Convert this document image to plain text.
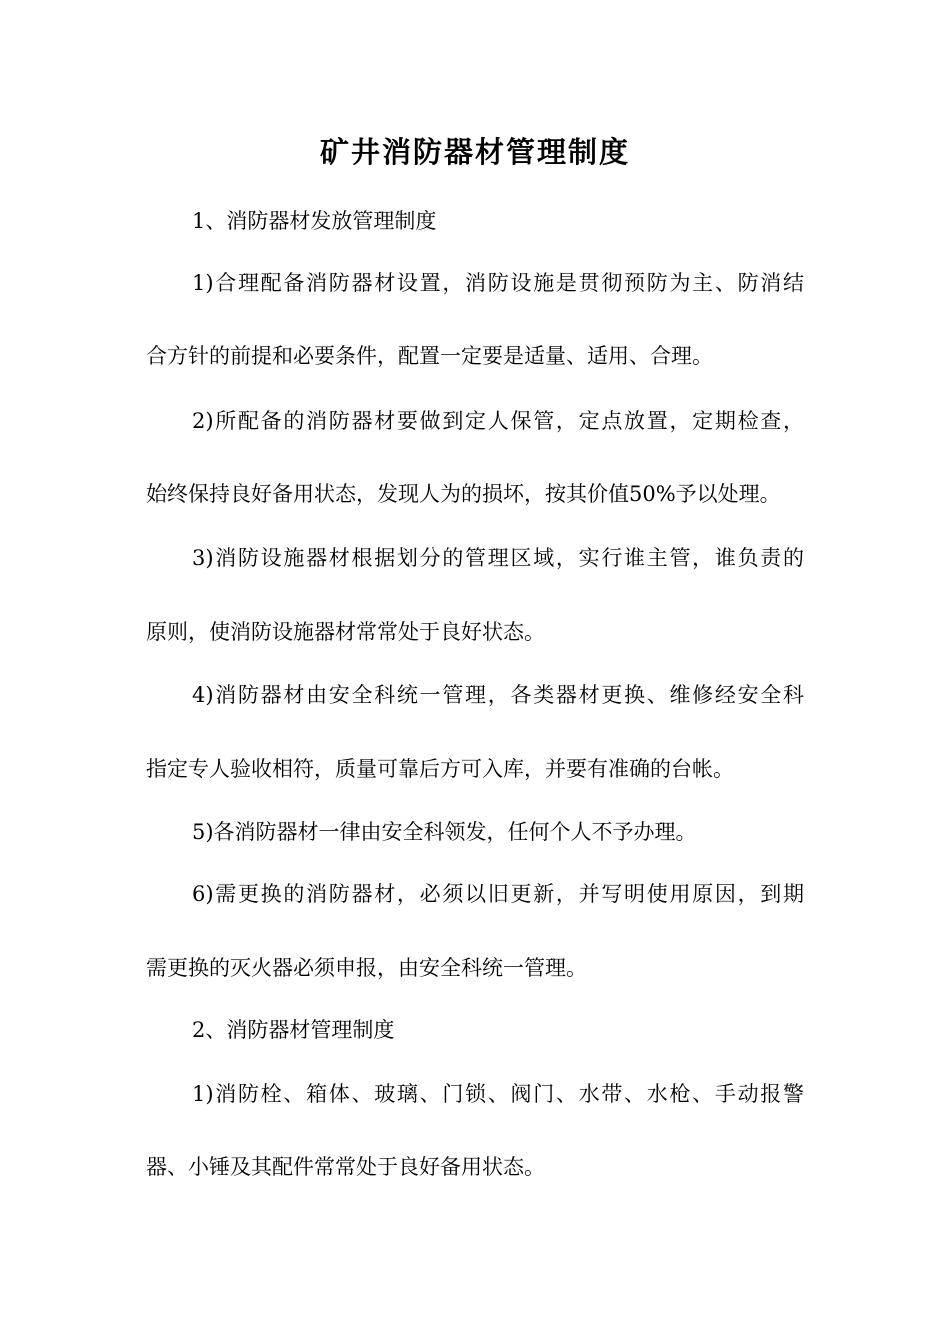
矿井消防器材管理制度

1、消防器材发放管理制度

1)合理配备消防器材设置，消防设施是贯彻预防为主、防消结

合方针的前提和必要条件，配置一定要是适量、适用、合理。

2)所配备的消防器材要做到定人保管，定点放置，定期检查，

始终保持良好备用状态，发现人为的损坏，按其价值50%予以处理。

3)消防设施器材根据划分的管理区域，实行谁主管，谁负责的

原则，使消防设施器材常常处于良好状态。

4)消防器材由安全科统一管理，各类器材更换、维修经安全科

指定专人验收相符，质量可靠后方可入库，并要有准确的台帐。

5)各消防器材一律由安全科领发，任何个人不予办理。

6)需更换的消防器材，必须以旧更新，并写明使用原因，到期

需更换的灭火器必须申报，由安全科统一管理。

2、消防器材管理制度

1)消防栓、箱体、玻璃、门锁、阀门、水带、水枪、手动报警

器、小锤及其配件常常处于良好备用状态。
